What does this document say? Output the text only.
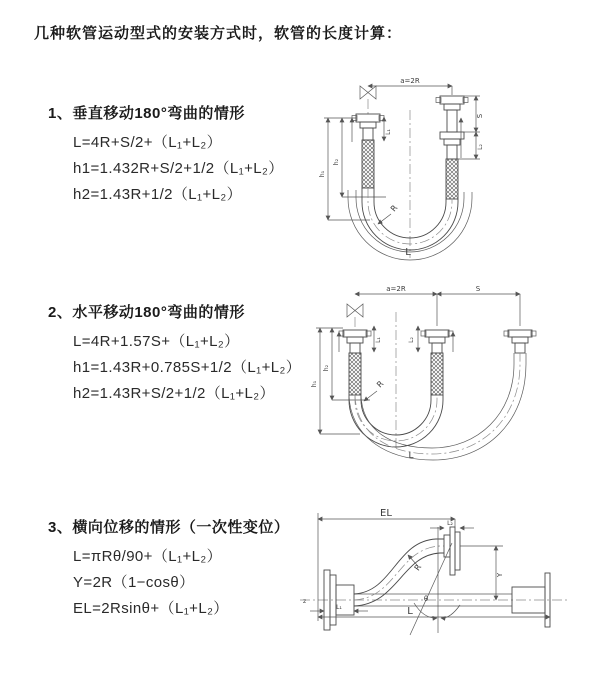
几种软管运动型式的安装方式时，软管的长度计算：
1、垂直移动180°弯曲的情形
L=4R+S/2+（L₁+L₂）
h1=1.432R+S/2+1/2（L₁+L₂）
h2=1.43R+1/2（L₁+L₂）
2、水平移动180°弯曲的情形
L=4R+1.57S+（L₁+L₂）
h1=1.43R+0.785S+1/2（L₁+L₂）
h2=1.43R+S/2+1/2（L₁+L₂）
3、横向位移的情形（一次性变位）
L=πRθ/90+（L₁+L₂）
Y=2R（1−cosθ）
EL=2Rsinθ+（L₁+L₂）
a=2R
L₁
S
L₂
h₁
h₂
R
L
a=2R	S
L₁	L₂
h₁
h₂
R
L
z
EL
L₂
Y
θ
R
L₁	L
